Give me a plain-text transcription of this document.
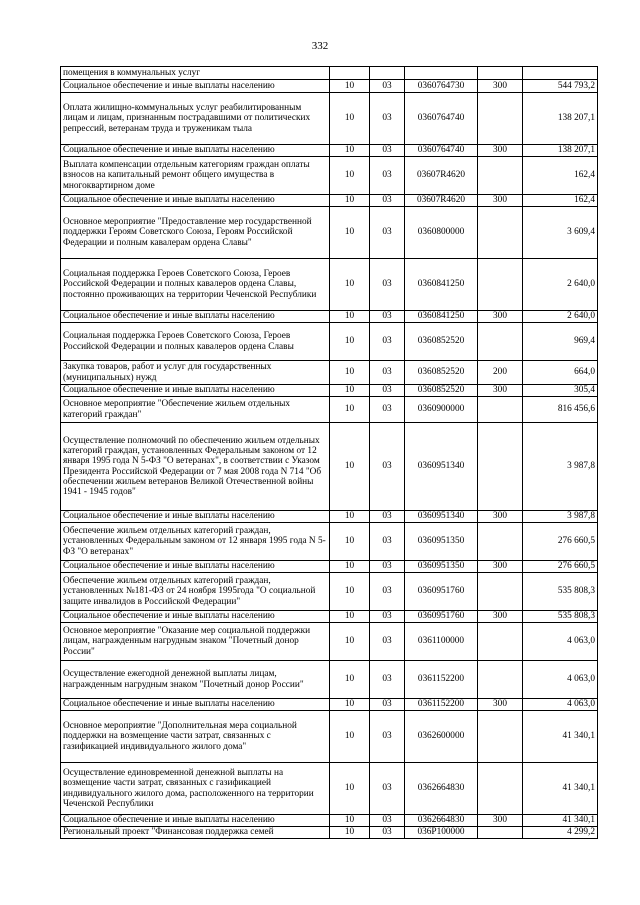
332
помещения в коммунальных услуг					
Социальное обеспечение и иные выплаты населению	10	03	0360764730	300	544 793,2
Оплата жилищно-коммунальных услуг реабилитированным лицам и лицам, признанным пострадавшими от политических репрессий, ветеранам труда и труженикам тыла	10	03	0360764740		138 207,1
Социальное обеспечение и иные выплаты населению	10	03	0360764740	300	138 207,1
Выплата компенсации отдельным категориям граждан оплаты взносов на капитальный ремонт общего имущества в многоквартирном доме	10	03	03607R4620		162,4
Социальное обеспечение и иные выплаты населению	10	03	03607R4620	300	162,4
Основное мероприятие "Предоставление мер государственной поддержки Героям Советского Союза, Героям Российской Федерации и полным кавалерам ордена Славы"	10	03	0360800000		3 609,4
Социальная поддержка Героев Советского Союза, Героев Российской Федерации и полных кавалеров ордена Славы, постоянно проживающих на территории Чеченской Республики	10	03	0360841250		2 640,0
Социальное обеспечение и иные выплаты населению	10	03	0360841250	300	2 640,0
Социальная поддержка Героев Советского Союза, Героев Российской Федерации и полных кавалеров ордена Славы	10	03	0360852520		969,4
Закупка товаров, работ и услуг для государственных (муниципальных) нужд	10	03	0360852520	200	664,0
Социальное обеспечение и иные выплаты населению	10	03	0360852520	300	305,4
Основное мероприятие "Обеспечение жильем отдельных категорий граждан"	10	03	0360900000		816 456,6
Осуществление полномочий по обеспечению жильем отдельных категорий граждан, установленных Федеральным законом от 12 января 1995 года N 5-ФЗ "О ветеранах", в соответствии с Указом Президента Российской Федерации от 7 мая 2008 года N 714 "Об обеспечении жильем ветеранов Великой Отечественной войны 1941 - 1945 годов"	10	03	0360951340		3 987,8
Социальное обеспечение и иные выплаты населению	10	03	0360951340	300	3 987,8
Обеспечение жильем отдельных категорий граждан, установленных Федеральным законом от 12 января 1995 года N 5-ФЗ "О ветеранах"	10	03	0360951350		276 660,5
Социальное обеспечение и иные выплаты населению	10	03	0360951350	300	276 660,5
Обеспечение жильем отдельных категорий граждан, установленных №181-ФЗ от 24 ноября 1995года "О социальной защите инвалидов в Российской Федерации"	10	03	0360951760		535 808,3
Социальное обеспечение и иные выплаты населению	10	03	0360951760	300	535 808,3
Основное мероприятие "Оказание мер социальной поддержки лицам, награжденным нагрудным знаком "Почетный донор России"	10	03	0361100000		4 063,0
Осуществление ежегодной денежной выплаты лицам, награжденным нагрудным знаком "Почетный донор России"	10	03	0361152200		4 063,0
Социальное обеспечение и иные выплаты населению	10	03	0361152200	300	4 063,0
Основное мероприятие "Дополнительная мера социальной поддержки на возмещение части затрат, связанных с газификацией индивидуального жилого дома"	10	03	0362600000		41 340,1
Осуществление единовременной денежной выплаты на возмещение части затрат, связанных с газификацией индивидуального жилого дома, расположенного на территории Чеченской Республики	10	03	0362664830		41 340,1
Социальное обеспечение и иные выплаты населению	10	03	0362664830	300	41 340,1
Региональный проект "Финансовая поддержка семей	10	03	036P100000		4 299,2
